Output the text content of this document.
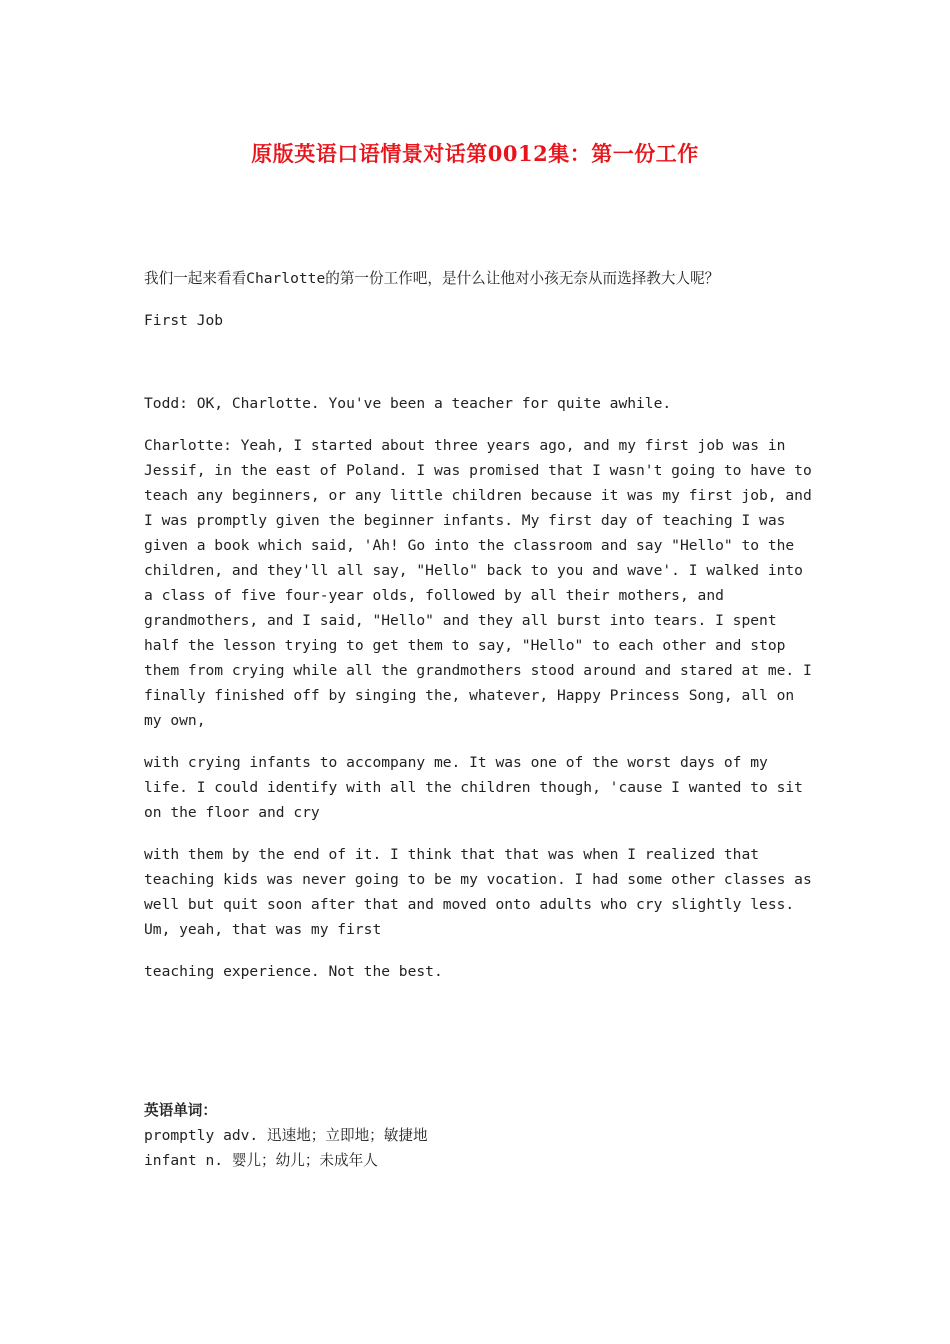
原版英语口语情景对话第0012集：第一份工作
我们一起来看看Charlotte的第一份工作吧，是什么让他对小孩无奈从而选择教大人呢？
First Job

Todd: OK, Charlotte. You've been a teacher for quite awhile.

Charlotte: Yeah, I started about three years ago, and my first job was in Jessif, in the east of Poland. I was promised that I wasn't going to have to teach any beginners, or any little children because it was my first job, and I was promptly given the beginner infants. My first day of teaching I was given a book which said, 'Ah! Go into the classroom and say "Hello" to the children, and they'll all say, "Hello" back to you and wave'. I walked into a class of five four-year olds, followed by all their mothers, and grandmothers, and I said, "Hello" and they all burst into tears. I spent half the lesson trying to get them to say, "Hello" to each other and stop them from crying while all the grandmothers stood around and stared at me. I finally finished off by singing the, whatever, Happy Princess Song, all on my own,

with crying infants to accompany me. It was one of the worst days of my life. I could identify with all the children though, 'cause I wanted to sit on the floor and cry

with them by the end of it. I think that that was when I realized that teaching kids was never going to be my vocation. I had some other classes as well but quit soon after that and moved onto adults who cry slightly less. Um, yeah, that was my first

teaching experience. Not the best.

英语单词：
promptly adv. 迅速地；立即地；敏捷地
infant n. 婴儿；幼儿；未成年人
